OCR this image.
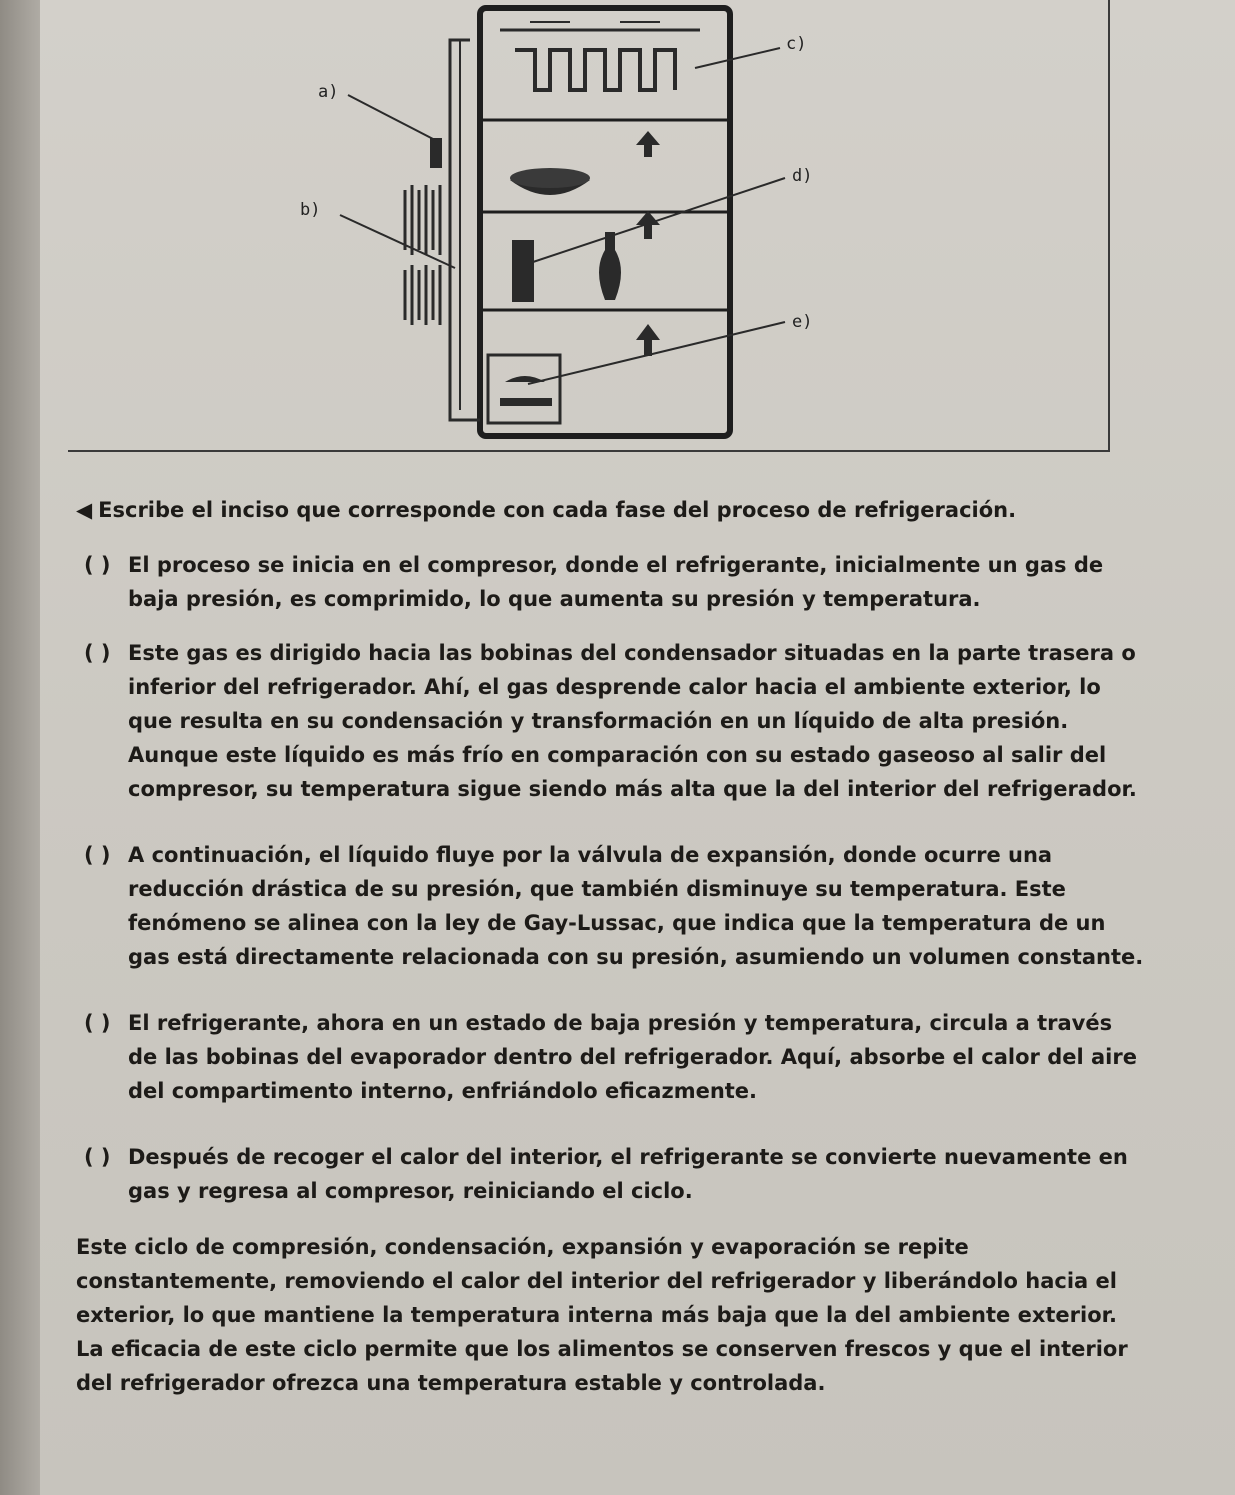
a)
b)
c)
d)
e)
◀ Escribe el inciso que corresponde con cada fase del proceso de refrigeración.
( ) El proceso se inicia en el compresor, donde el refrigerante, inicialmente un gas de baja presión, es comprimido, lo que aumenta su presión y temperatura.
( ) Este gas es dirigido hacia las bobinas del condensador situadas en la parte trasera o inferior del refrigerador. Ahí, el gas desprende calor hacia el ambiente exterior, lo que resulta en su condensación y transformación en un líquido de alta presión. Aunque este líquido es más frío en comparación con su estado gaseoso al salir del compresor, su temperatura sigue siendo más alta que la del interior del refrigerador.
( ) A continuación, el líquido fluye por la válvula de expansión, donde ocurre una reducción drástica de su presión, que también disminuye su temperatura. Este fenómeno se alinea con la ley de Gay-Lussac, que indica que la temperatura de un gas está directamente relacionada con su presión, asumiendo un volumen constante.
( ) El refrigerante, ahora en un estado de baja presión y temperatura, circula a través de las bobinas del evaporador dentro del refrigerador. Aquí, absorbe el calor del aire del compartimento interno, enfriándolo eficazmente.
( ) Después de recoger el calor del interior, el refrigerante se convierte nuevamente en gas y regresa al compresor, reiniciando el ciclo.
Este ciclo de compresión, condensación, expansión y evaporación se repite constantemente, removiendo el calor del interior del refrigerador y liberándolo hacia el exterior, lo que mantiene la temperatura interna más baja que la del ambiente exterior. La eficacia de este ciclo permite que los alimentos se conserven frescos y que el interior del refrigerador ofrezca una temperatura estable y controlada.
